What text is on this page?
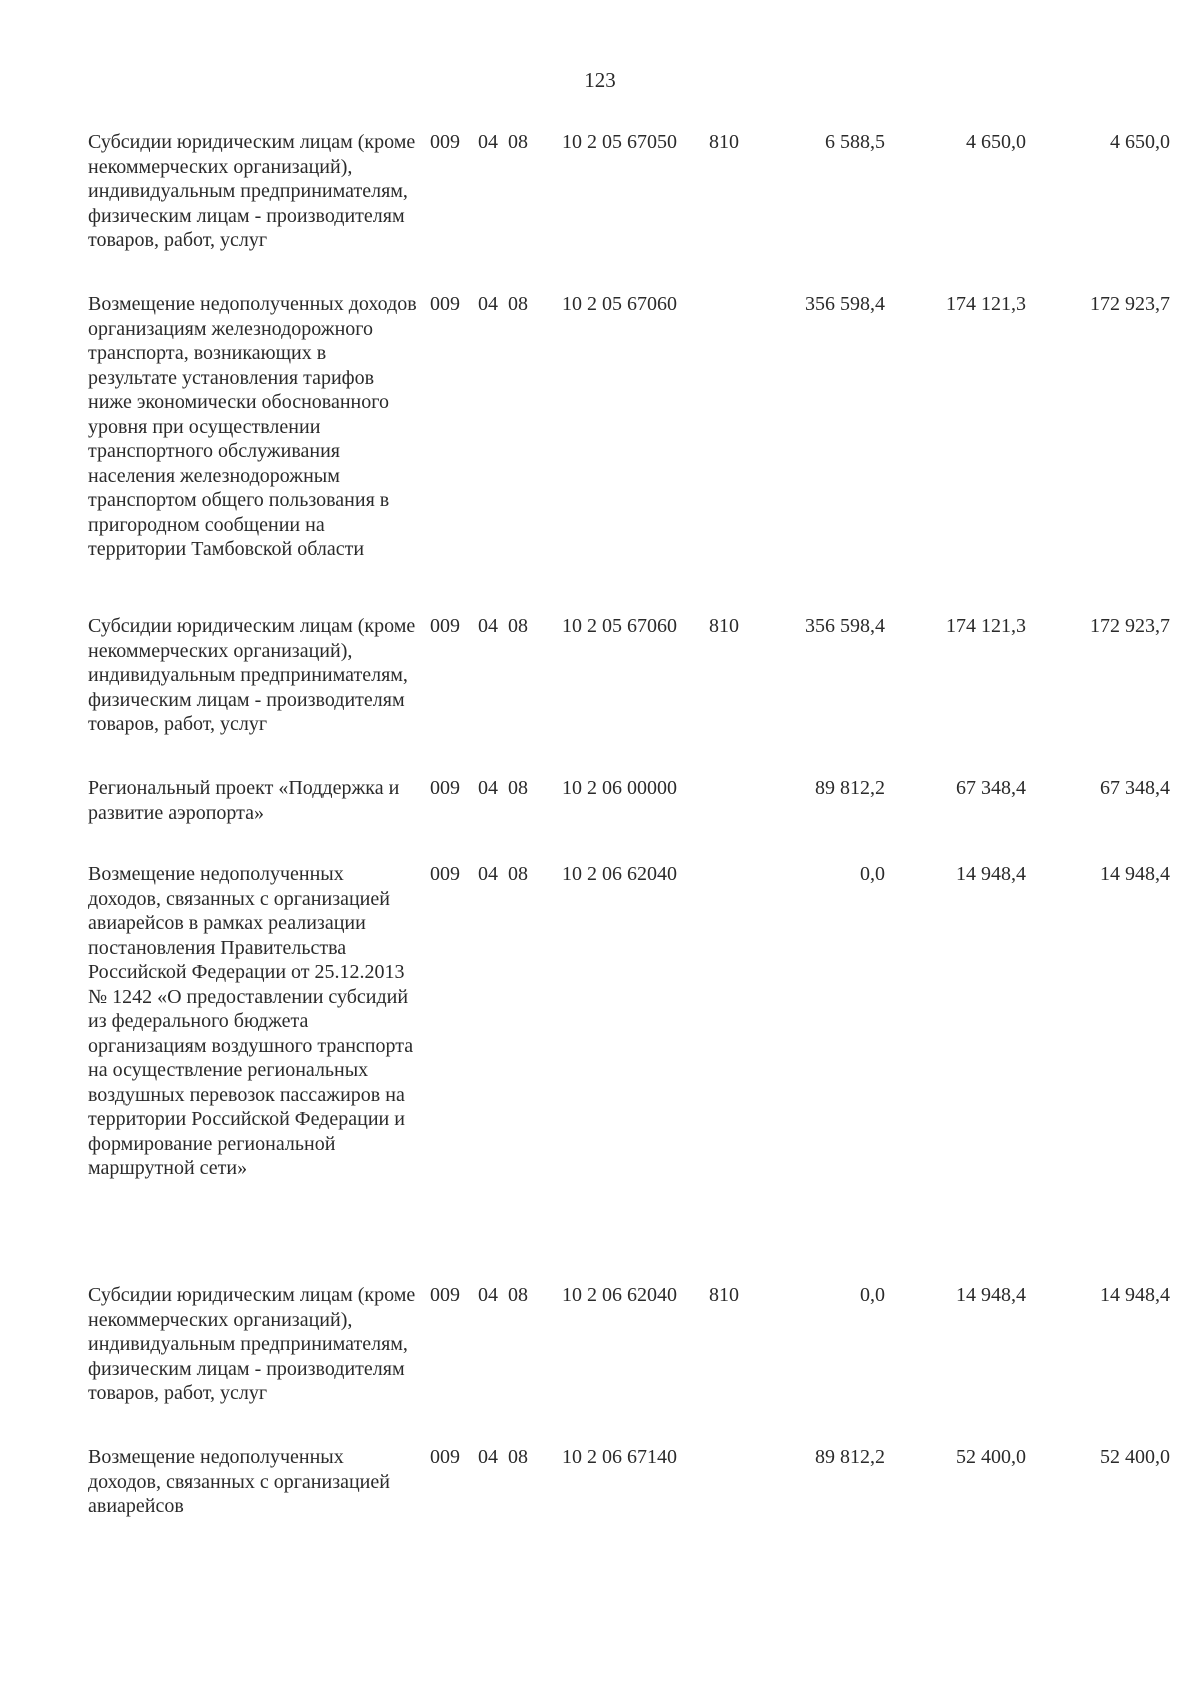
123
Субсидии юридическим лицам (кроме некоммерческих организаций), индивидуальным предпринимателям, физическим лицам - производителям товаров, работ, услуг
009 04 08 10 2 05 67050 810	6 588,5	4 650,0	4 650,0
Возмещение недополученных доходов организациям железнодорожного транспорта, возникающих в результате установления тарифов ниже экономически обоснованного уровня при осуществлении транспортного обслуживания населения железнодорожным транспортом общего пользования в пригородном сообщении на территории Тамбовской области
009 04 08 10 2 05 67060	356 598,4	174 121,3	172 923,7
Субсидии юридическим лицам (кроме некоммерческих организаций), индивидуальным предпринимателям, физическим лицам - производителям товаров, работ, услуг
009 04 08 10 2 05 67060 810	356 598,4	174 121,3	172 923,7
Региональный проект «Поддержка и развитие аэропорта»
009 04 08 10 2 06 00000	89 812,2	67 348,4	67 348,4
Возмещение недополученных доходов, связанных с организацией авиарейсов в рамках реализации постановления Правительства Российской Федерации от 25.12.2013 № 1242 «О предоставлении субсидий из федерального бюджета организациям воздушного транспорта на осуществление региональных воздушных перевозок пассажиров на территории Российской Федерации и формирование региональной маршрутной сети»
009 04 08 10 2 06 62040	0,0	14 948,4	14 948,4
Субсидии юридическим лицам (кроме некоммерческих организаций), индивидуальным предпринимателям, физическим лицам - производителям товаров, работ, услуг
009 04 08 10 2 06 62040 810	0,0	14 948,4	14 948,4
Возмещение недополученных доходов, связанных с организацией авиарейсов
009 04 08 10 2 06 67140	89 812,2	52 400,0	52 400,0
